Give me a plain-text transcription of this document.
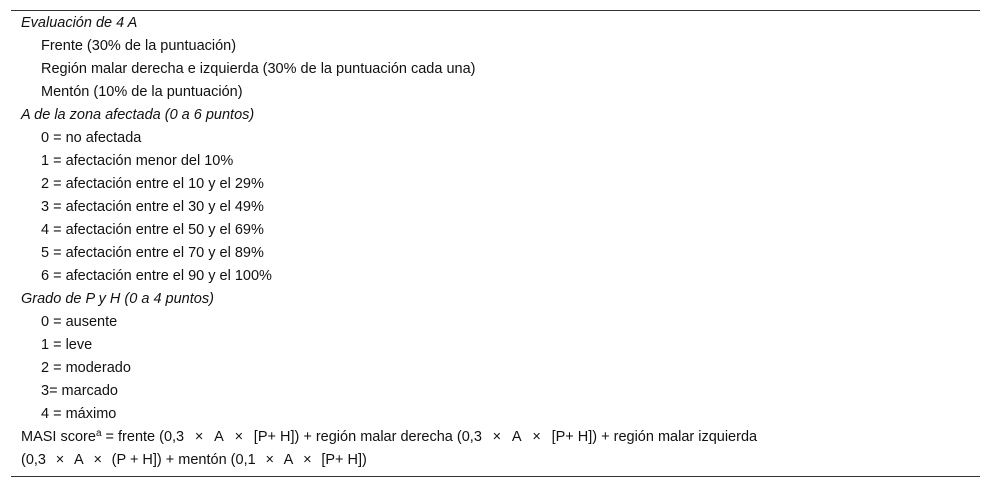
Evaluación de 4 A
Frente (30% de la puntuación)
Región malar derecha e izquierda (30% de la puntuación cada una)
Mentón (10% de la puntuación)
A de la zona afectada (0 a 6 puntos)
0 = no afectada
1 = afectación menor del 10%
2 = afectación entre el 10 y el 29%
3 = afectación entre el 30 y el 49%
4 = afectación entre el 50 y el 69%
5 = afectación entre el 70 y el 89%
6 = afectación entre el 90 y el 100%
Grado de P y H (0 a 4 puntos)
0 = ausente
1 = leve
2 = moderado
3= marcado
4 = máximo
MASI score$^a$ = frente (0,3 × A × [P+ H]) + región malar derecha (0,3 × A × [P+ H]) + región malar izquierda
(0,3 × A × (P + H]) + mentón (0,1 × A × [P+ H])
